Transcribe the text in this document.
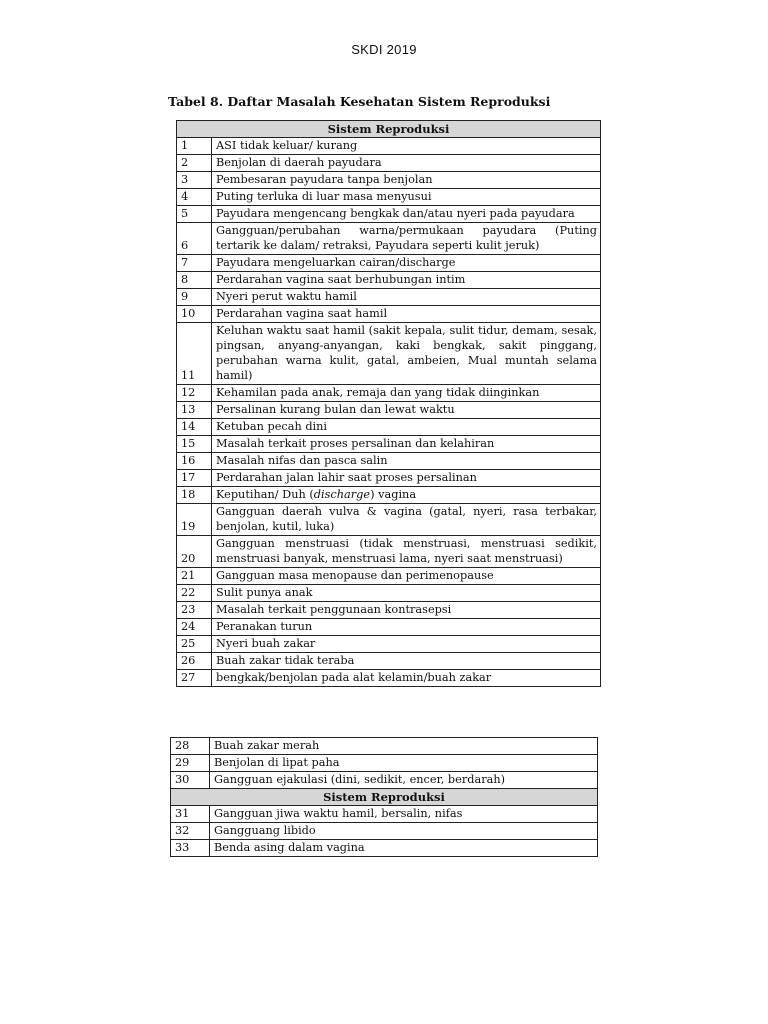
SKDI 2019
Tabel 8. Daftar Masalah Kesehatan Sistem Reproduksi
Sistem Reproduksi	
1	ASI tidak keluar/ kurang
2	Benjolan di daerah payudara
3	Pembesaran payudara tanpa benjolan
4	Puting terluka di luar masa menyusui
5	Payudara mengencang bengkak dan/atau nyeri pada payudara
6	Gangguan/perubahan warna/permukaan payudara (Puting tertarik ke dalam/ retraksi, Payudara seperti kulit jeruk)
7	Payudara mengeluarkan cairan/discharge
8	Perdarahan vagina saat berhubungan intim
9	Nyeri perut waktu hamil
10	Perdarahan vagina saat hamil
11	Keluhan waktu saat hamil (sakit kepala, sulit tidur, demam, sesak, pingsan, anyang-anyangan, kaki bengkak, sakit pinggang, perubahan warna kulit, gatal, ambeien, Mual muntah selama hamil)
12	Kehamilan pada anak, remaja dan yang tidak diinginkan
13	Persalinan kurang bulan dan lewat waktu
14	Ketuban pecah dini
15	Masalah terkait proses persalinan dan kelahiran
16	Masalah nifas dan pasca salin
17	Perdarahan jalan lahir saat proses persalinan
18	Keputihan/ Duh (discharge) vagina
19	Gangguan daerah vulva & vagina (gatal, nyeri, rasa terbakar, benjolan, kutil, luka)
20	Gangguan menstruasi (tidak menstruasi, menstruasi sedikit, menstruasi banyak, menstruasi lama, nyeri saat menstruasi)
21	Gangguan masa menopause dan perimenopause
22	Sulit punya anak
23	Masalah terkait penggunaan kontrasepsi
24	Peranakan turun
25	Nyeri buah zakar
26	Buah zakar tidak teraba
27	bengkak/benjolan pada alat kelamin/buah zakar
28	Buah zakar merah
29	Benjolan di lipat paha
30	Gangguan ejakulasi (dini, sedikit, encer, berdarah)
Sistem Reproduksi	
31	Gangguan jiwa waktu hamil, bersalin, nifas
32	Gangguang libido
33	Benda asing dalam vagina
